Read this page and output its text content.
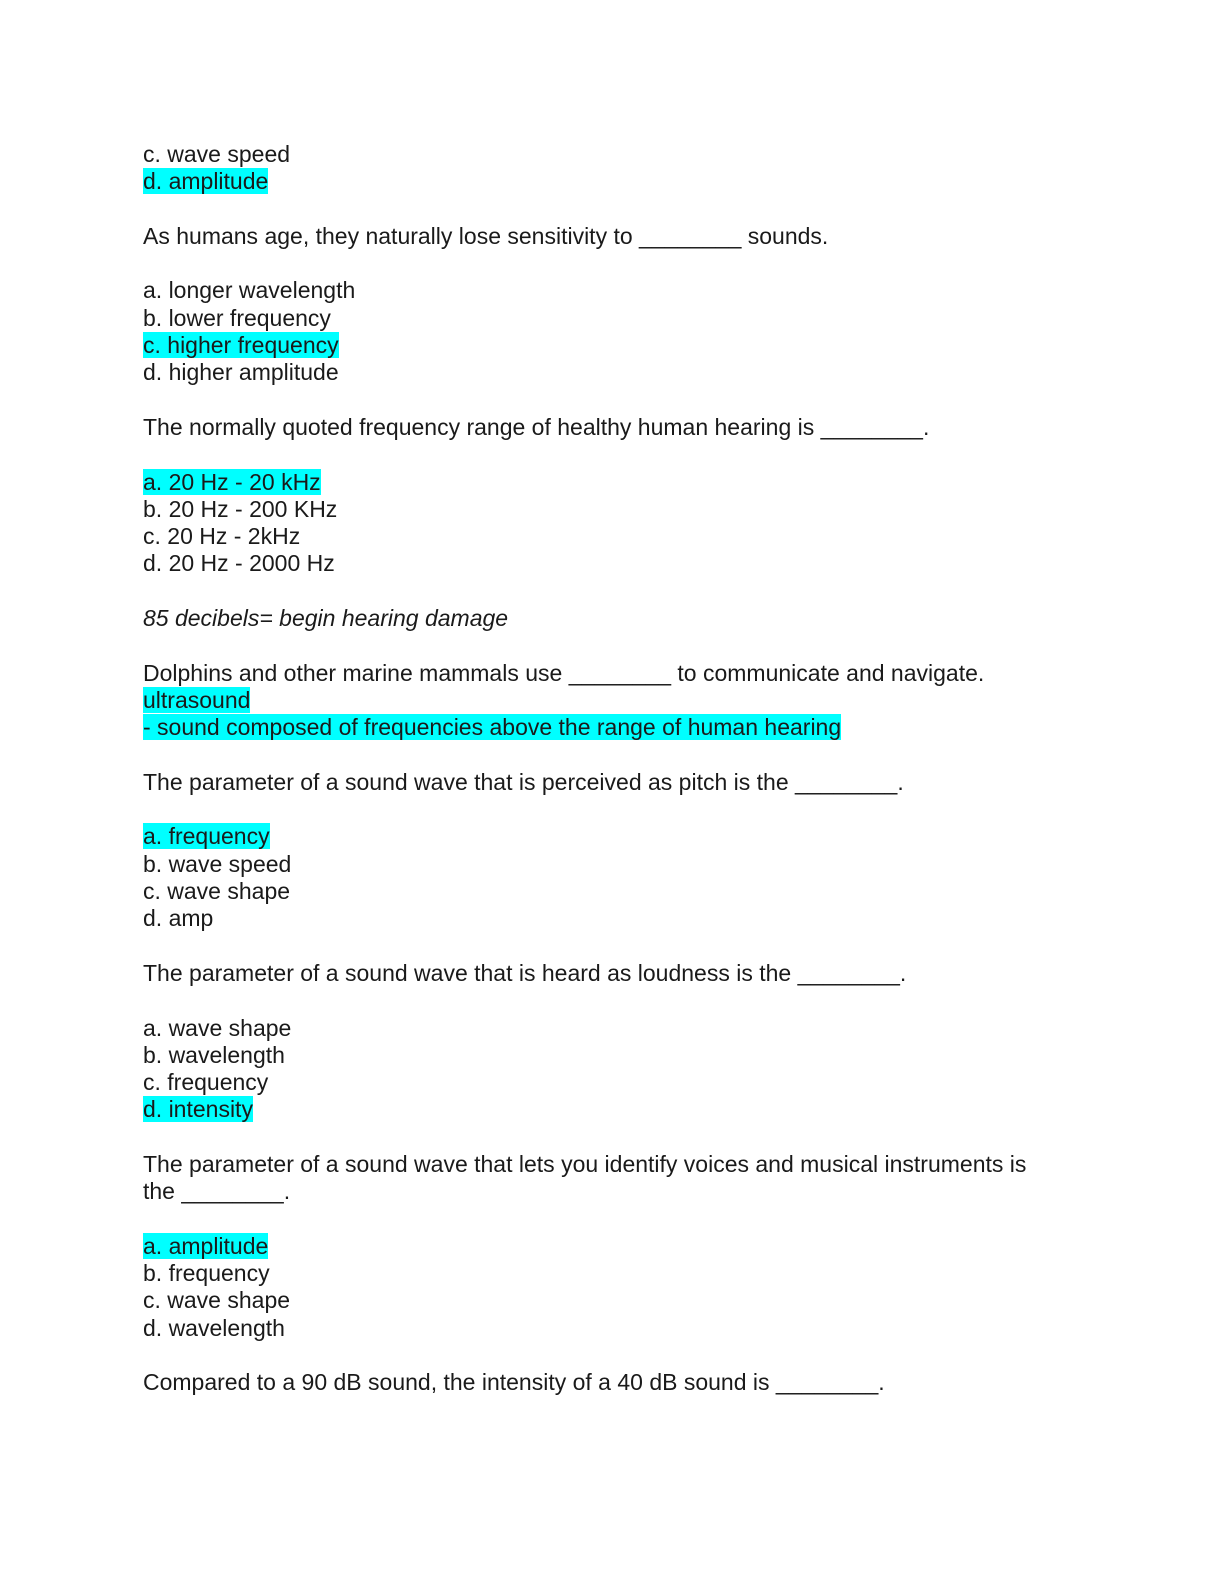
c. wave speed
d. amplitude
As humans age, they naturally lose sensitivity to ________ sounds.
a. longer wavelength
b. lower frequency
c. higher frequency
d. higher amplitude
The normally quoted frequency range of healthy human hearing is ________.
a. 20 Hz - 20 kHz
b. 20 Hz - 200 KHz
c. 20 Hz - 2kHz
d. 20 Hz - 2000 Hz
85 decibels= begin hearing damage
Dolphins and other marine mammals use ________ to communicate and navigate.
ultrasound
- sound composed of frequencies above the range of human hearing
The parameter of a sound wave that is perceived as pitch is the ________.
a. frequency
b. wave speed
c. wave shape
d. amp
The parameter of a sound wave that is heard as loudness is the ________.
a. wave shape
b. wavelength
c. frequency
d. intensity
The parameter of a sound wave that lets you identify voices and musical instruments is
the ________.
a. amplitude
b. frequency
c. wave shape
d. wavelength
Compared to a 90 dB sound, the intensity of a 40 dB sound is ________.
